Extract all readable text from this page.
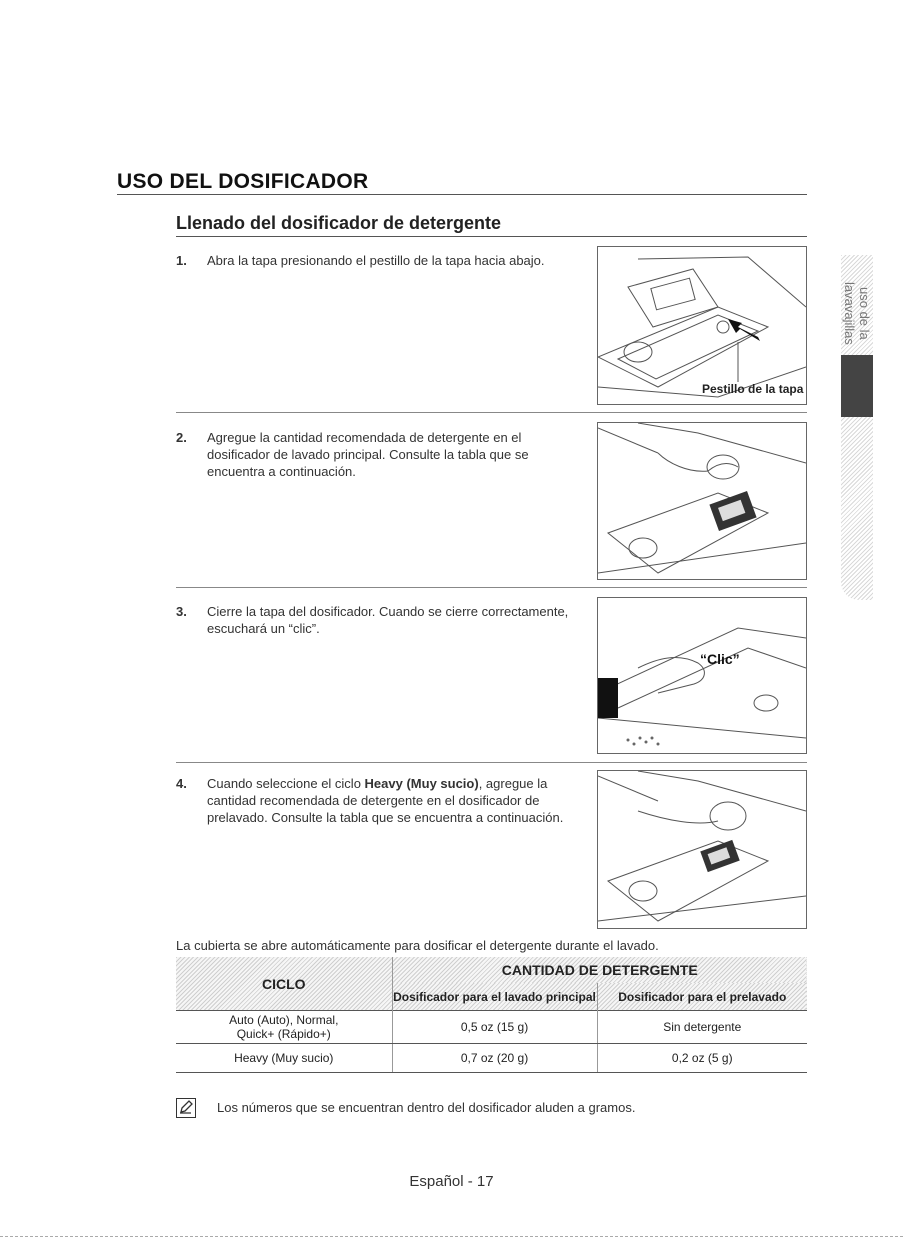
USO DEL DOSIFICADOR
Llenado del dosificador de detergente
uso de la lavavajillas
1. Abra la tapa presionando el pestillo de la tapa hacia abajo.
Pestillo de la tapa
2. Agregue la cantidad recomendada de detergente en el dosificador de lavado principal. Consulte la tabla que se encuentra a continuación.
3. Cierre la tapa del dosificador. Cuando se cierre correctamente, escuchará un “clic”.
“Clic”
4. Cuando seleccione el ciclo Heavy (Muy sucio), agregue la cantidad recomendada de detergente en el dosificador de prelavado. Consulte la tabla que se encuentra a continuación.
La cubierta se abre automáticamente para dosificar el detergente durante el lavado.
CICLO	CANTIDAD DE DETERGENTE	
	Dosificador para el lavado principal	Dosificador para el prelavado

Auto (Auto), Normal,
Quick+ (Rápido+)	0,5 oz (15 g)	Sin detergente

Heavy (Muy sucio)	0,7 oz (20 g)	0,2 oz (5 g)
Los números que se encuentran dentro del dosificador aluden a gramos.
Español - 17
